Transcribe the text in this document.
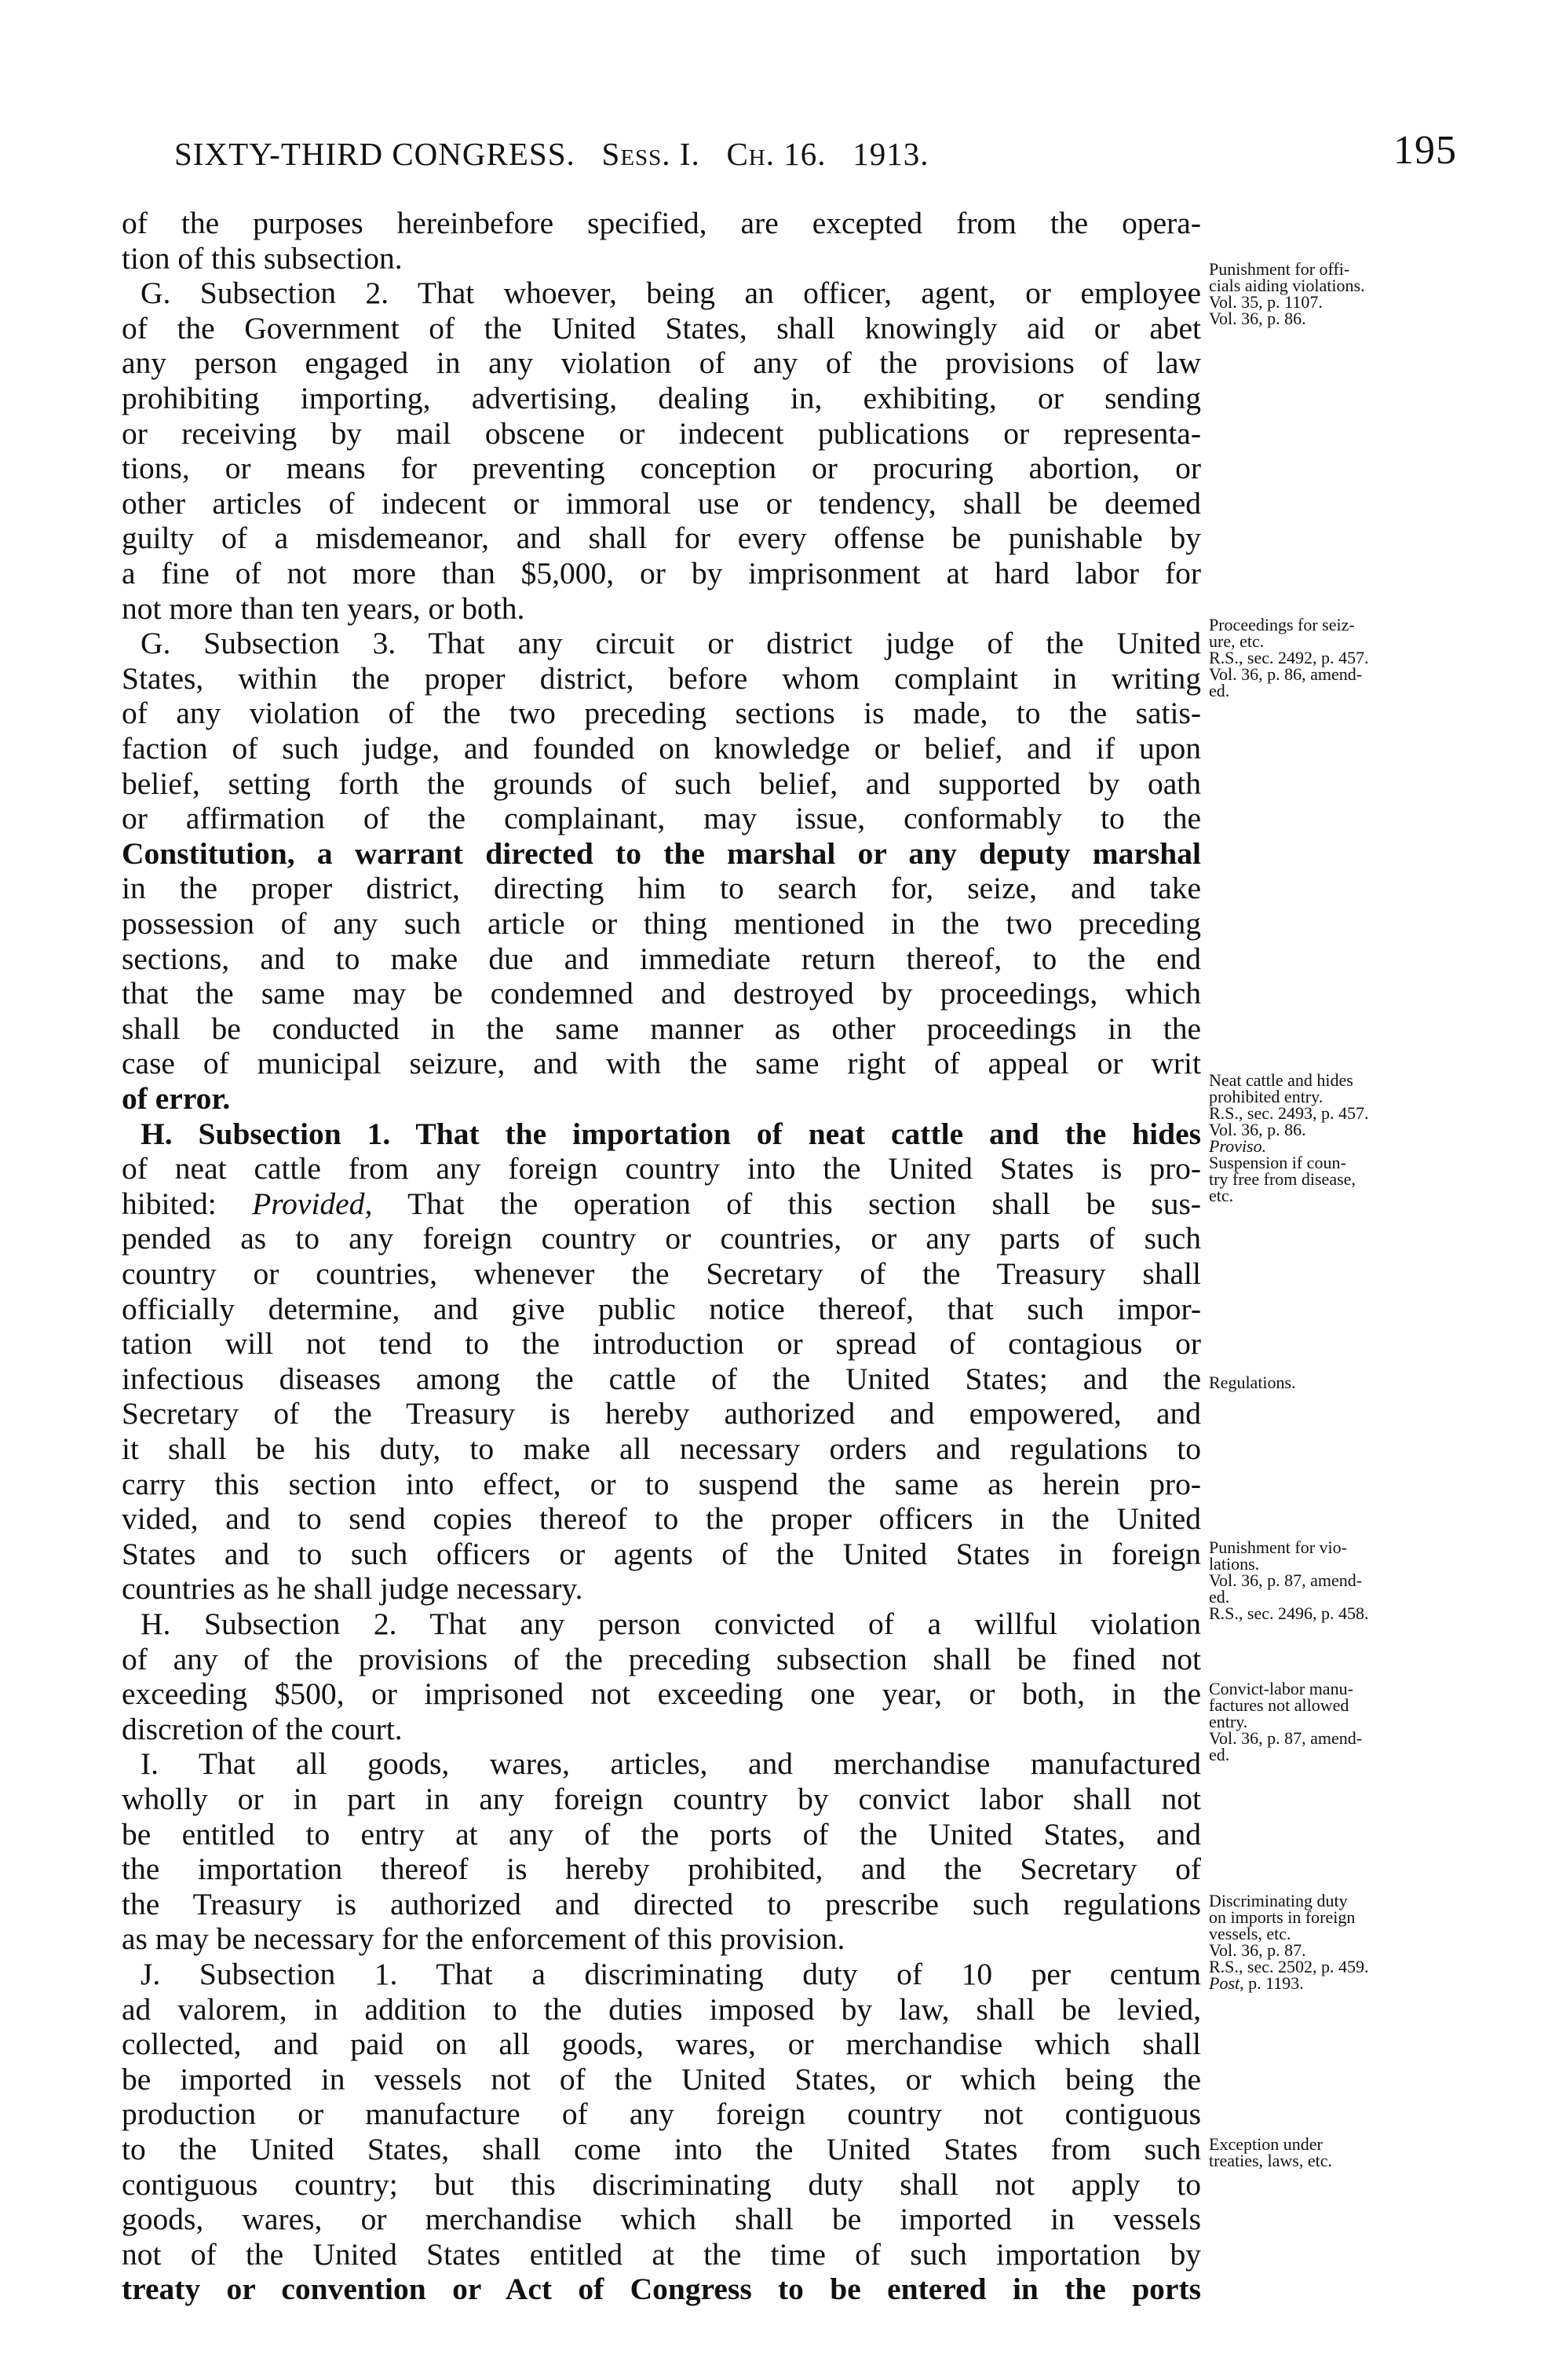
SIXTY-THIRD CONGRESS. Sess. I. Ch. 16. 1913.	195
of the purposes hereinbefore specified, are excepted from the opera-
tion of this subsection.
G. Subsection 2. That whoever, being an officer, agent, or employee
of the Government of the United States, shall knowingly aid or abet
any person engaged in any violation of any of the provisions of law
prohibiting importing, advertising, dealing in, exhibiting, or sending
or receiving by mail obscene or indecent publications or representa-
tions, or means for preventing conception or procuring abortion, or
other articles of indecent or immoral use or tendency, shall be deemed
guilty of a misdemeanor, and shall for every offense be punishable by
a fine of not more than $5,000, or by imprisonment at hard labor for
not more than ten years, or both.
G. Subsection 3. That any circuit or district judge of the United
States, within the proper district, before whom complaint in writing
of any violation of the two preceding sections is made, to the satis-
faction of such judge, and founded on knowledge or belief, and if upon
belief, setting forth the grounds of such belief, and supported by oath
or affirmation of the complainant, may issue, conformably to the
Constitution, a warrant directed to the marshal or any deputy marshal
in the proper district, directing him to search for, seize, and take
possession of any such article or thing mentioned in the two preceding
sections, and to make due and immediate return thereof, to the end
that the same may be condemned and destroyed by proceedings, which
shall be conducted in the same manner as other proceedings in the
case of municipal seizure, and with the same right of appeal or writ
of error.
H. Subsection 1. That the importation of neat cattle and the hides
of neat cattle from any foreign country into the United States is pro-
hibited: Provided, That the operation of this section shall be sus-
pended as to any foreign country or countries, or any parts of such
country or countries, whenever the Secretary of the Treasury shall
officially determine, and give public notice thereof, that such impor-
tation will not tend to the introduction or spread of contagious or
infectious diseases among the cattle of the United States; and the
Secretary of the Treasury is hereby authorized and empowered, and
it shall be his duty, to make all necessary orders and regulations to
carry this section into effect, or to suspend the same as herein pro-
vided, and to send copies thereof to the proper officers in the United
States and to such officers or agents of the United States in foreign
countries as he shall judge necessary.
H. Subsection 2. That any person convicted of a willful violation
of any of the provisions of the preceding subsection shall be fined not
exceeding $500, or imprisoned not exceeding one year, or both, in the
discretion of the court.
I. That all goods, wares, articles, and merchandise manufactured
wholly or in part in any foreign country by convict labor shall not
be entitled to entry at any of the ports of the United States, and
the importation thereof is hereby prohibited, and the Secretary of
the Treasury is authorized and directed to prescribe such regulations
as may be necessary for the enforcement of this provision.
J. Subsection 1. That a discriminating duty of 10 per centum
ad valorem, in addition to the duties imposed by law, shall be levied,
collected, and paid on all goods, wares, or merchandise which shall
be imported in vessels not of the United States, or which being the
production or manufacture of any foreign country not contiguous
to the United States, shall come into the United States from such
contiguous country; but this discriminating duty shall not apply to
goods, wares, or merchandise which shall be imported in vessels
not of the United States entitled at the time of such importation by
treaty or convention or Act of Congress to be entered in the ports
Punishment for offi-
cials aiding violations.
Vol. 35, p. 1107.
Vol. 36, p. 86.
Proceedings for seiz-
ure, etc.
R.S., sec. 2492, p. 457.
Vol. 36, p. 86, amend-
ed.
Neat cattle and hides
prohibited entry.
R.S., sec. 2493, p. 457.
Vol. 36, p. 86.
Proviso.
Suspension if coun-
try free from disease,
etc.
Regulations.
Punishment for vio-
lations.
Vol. 36, p. 87, amend-
ed.
R.S., sec. 2496, p. 458.
Convict-labor manu-
factures not allowed
entry.
Vol. 36, p. 87, amend-
ed.
Discriminating duty
on imports in foreign
vessels, etc.
Vol. 36, p. 87.
R.S., sec. 2502, p. 459.
Post, p. 1193.
Exception under
treaties, laws, etc.
